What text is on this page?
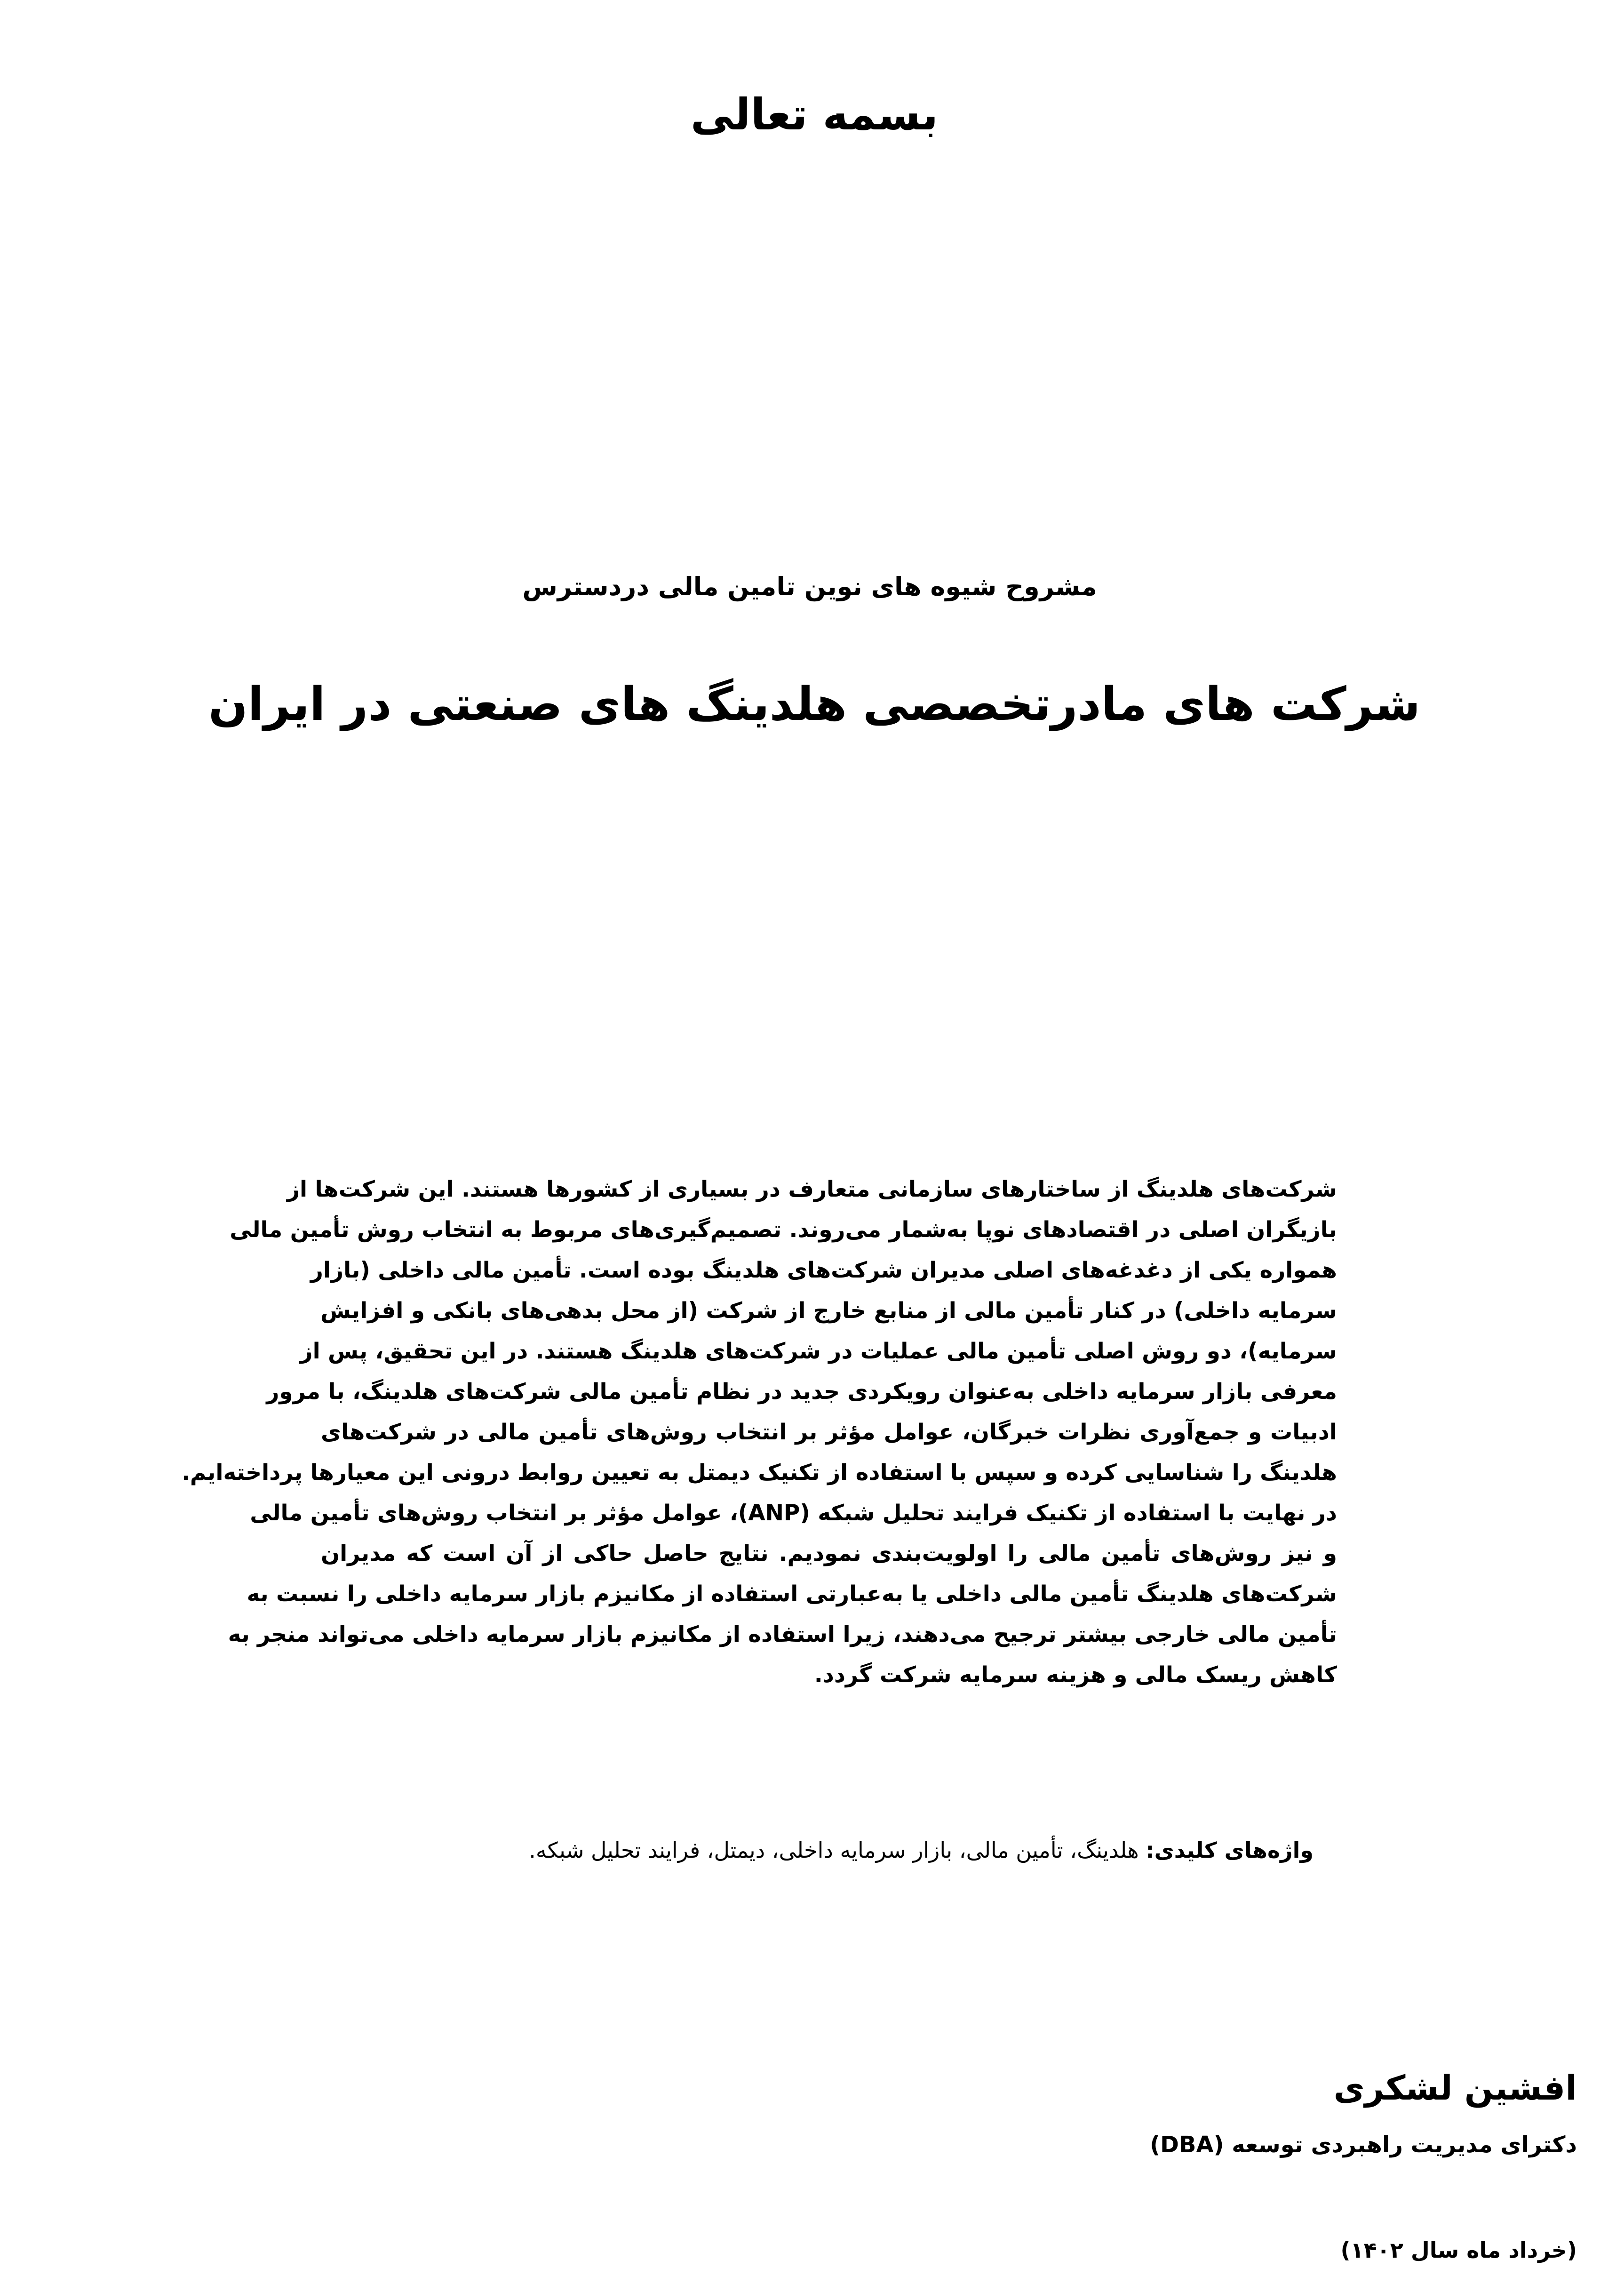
بسمه تعالی
مشروح شیوه های نوین تامین مالی دردسترس
شرکت های مادرتخصصی هلدینگ های صنعتی در ایران
شرکت‌های هلدینگ از ساختارهای سازمانی متعارف در بسیاری از کشورها هستند. این شرکت‌ها از
بازیگران اصلی در اقتصادهای نوپا به‌شمار می‌روند. تصمیم‌گیری‌های مربوط به انتخاب روش تأمین مالی
همواره یکی از دغدغه‌های اصلی مدیران شرکت‌های هلدینگ بوده است. تأمین مالی داخلی (بازار
سرمایه داخلی) در کنار تأمین مالی از منابع خارج از شرکت (از محل بدهی‌های بانکی و افزایش
سرمایه)، دو روش اصلی تأمین مالی عملیات در شرکت‌های هلدینگ هستند. در این تحقیق، پس از
معرفی بازار سرمایه داخلی به‌عنوان رویکردی جدید در نظام تأمین مالی شرکت‌های هلدینگ، با مرور
ادبیات و جمع‌آوری نظرات خبرگان، عوامل مؤثر بر انتخاب روش‌های تأمین مالی در شرکت‌های
هلدینگ را شناسایی کرده و سپس با استفاده از تکنیک دیمتل به تعیین روابط درونی این معیارها پرداخته‌ایم.
در نهایت با استفاده از تکنیک فرایند تحلیل شبکه (ANP)، عوامل مؤثر بر انتخاب روش‌های تأمین مالی
و نیز روش‌های تأمین مالی را اولویت‌بندی نمودیم. نتایج حاصل حاکی از آن است که مدیران
شرکت‌های هلدینگ تأمین مالی داخلی یا به‌عبارتی استفاده از مکانیزم بازار سرمایه داخلی را نسبت به
تأمین مالی خارجی بیشتر ترجیح می‌دهند، زیرا استفاده از مکانیزم بازار سرمایه داخلی می‌تواند منجر به
کاهش ریسک مالی و هزینه سرمایه شرکت گردد.
واژه‌های کلیدی: هلدینگ، تأمین مالی، بازار سرمایه داخلی، دیمتل، فرایند تحلیل شبکه.
افشین لشکری
دکترای مدیریت راهبردی توسعه (DBA)
(خرداد ماه سال ۱۴۰۲)
